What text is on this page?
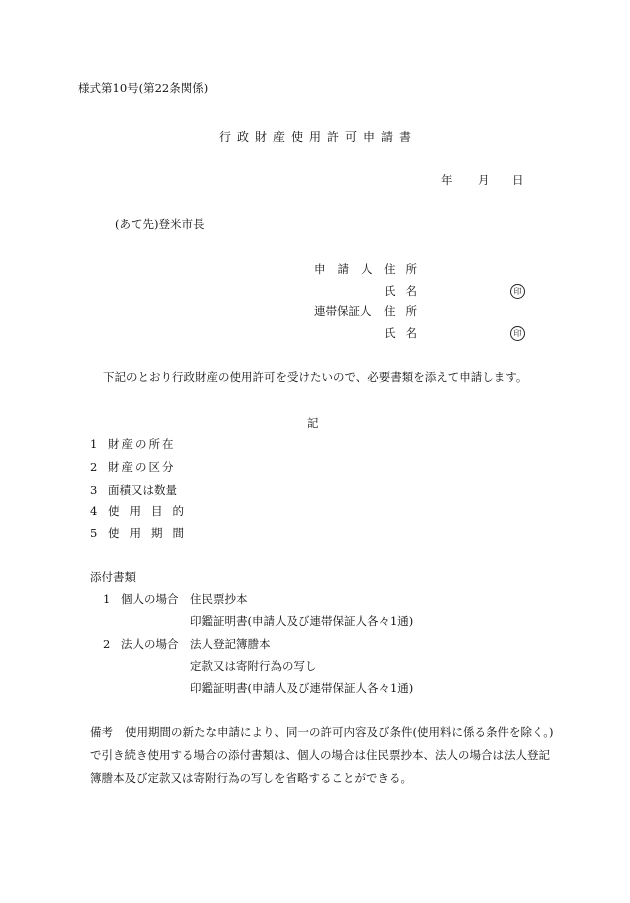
様式第10号(第22条関係)
行政財産使用許可申請書
年 月 日
(あて先)登米市長
申請人 住所
氏名	印
連帯保証人 住所
氏名	印
下記のとおり行政財産の使用許可を受けたいので、必要書類を添えて申請します。
記
1 財産の所在
2 財産の区分
3 面積又は数量
4 使用目的
5 使用期間
添付書類
1 個人の場合 住民票抄本
印鑑証明書(申請人及び連帯保証人各々1通)
2 法人の場合 法人登記簿謄本
定款又は寄附行為の写し
印鑑証明書(申請人及び連帯保証人各々1通)
備考 使用期間の新たな申請により、同一の許可内容及び条件(使用料に係る条件を除く。)で引き続き使用する場合の添付書類は、個人の場合は住民票抄本、法人の場合は法人登記簿謄本及び定款又は寄附行為の写しを省略することができる。
